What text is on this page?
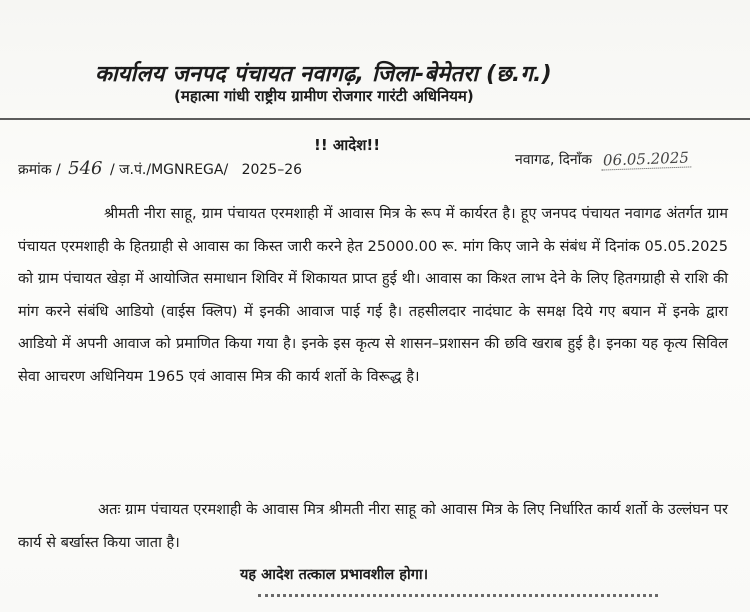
कार्यालय जनपद पंचायत नवागढ़, जिला-बेमेतरा (छ.ग.)
(महात्मा गांधी राष्ट्रीय ग्रामीण रोजगार गारंटी अधिनियम)
!! आदेश!!
क्रमांक / 546 / ज.पं./MGNREGA/ 2025–26
नवागढ, दिनाँक 06.05.2025
श्रीमती नीरा साहू, ग्राम पंचायत एरमशाही में आवास मित्र के रूप में कार्यरत है। हूए जनपद पंचायत नवागढ अंतर्गत ग्राम पंचायत एरमशाही के हितग्राही से आवास का किस्त जारी करने हेत 25000.00 रू. मांग किए जाने के संबंध में दिनांक 05.05.2025 को ग्राम पंचायत खेड़ा में आयोजित समाधान शिविर में शिकायत प्राप्त हुई थी। आवास का किश्त लाभ देने के लिए हितगग्राही से राशि की मांग करने संबंधि आडियो (वाईस क्लिप) में इनकी आवाज पाई गई है। तहसीलदार नादंघाट के समक्ष दिये गए बयान में इनके द्वारा आडियो में अपनी आवाज को प्रमाणित किया गया है। इनके इस कृत्य से शासन–प्रशासन की छवि खराब हुई है। इनका यह कृत्य सिविल सेवा आचरण अधिनियम 1965 एवं आवास मित्र की कार्य शर्तो के विरूद्ध है।
अतः ग्राम पंचायत एरमशाही के आवास मित्र श्रीमती नीरा साहू को आवास मित्र के लिए निर्धारित कार्य शर्तो के उल्लंघन पर कार्य से बर्खास्त किया जाता है।
यह आदेश तत्काल प्रभावशील होगा।
